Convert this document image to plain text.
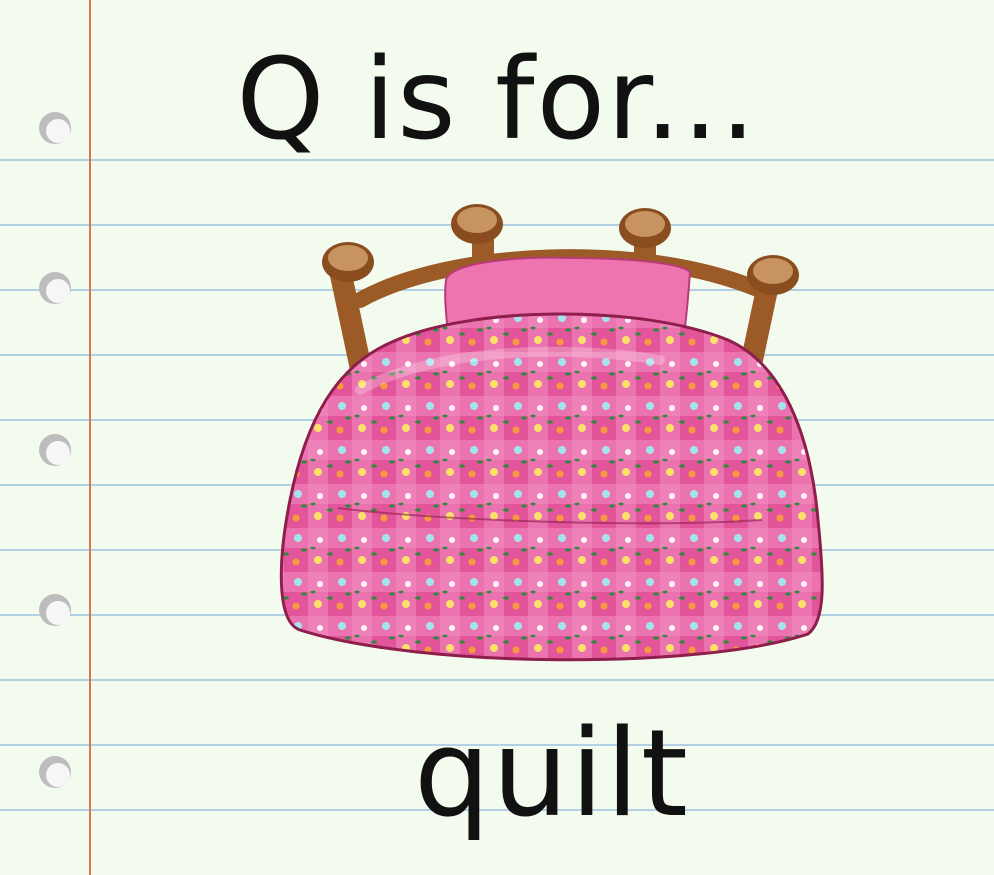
Q is for...
quilt
